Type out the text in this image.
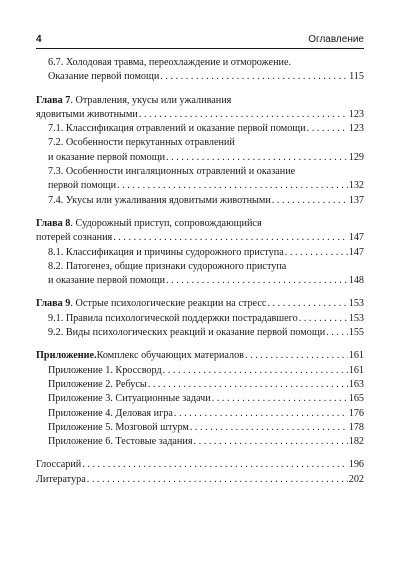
4	Оглавление
6.7. Холодовая травма, переохлаждение и отморожение.
Оказание первой помощи . . .	115
Глава 7 . Отравления, укусы или ужаливания
ядовитыми животными . . .	123
7.1. Классификация отравлений и оказание первой помощи . . .	123
7.2. Особенности перкутанных отравлений
и оказание первой помощи . . .	129
7.3. Особенности ингаляционных отравлений и оказание
первой помощи . . .	132
7.4. Укусы или ужаливания ядовитыми животными . . .	137
Глава 8 . Судорожный приступ, сопровождающийся
потерей сознания . . .	147
8.1. Классификация и причины судорожного приступа . . .	147
8.2. Патогенез, общие признаки судорожного приступа
и оказание первой помощи . . .	148
Глава 9 . Острые психологические реакции на стресс . . .	153
9.1. Правила психологической поддержки пострадавшего . . .	153
9.2. Виды психологических реакций и оказание первой помощи . . . 155
Приложение. Комплекс обучающих материалов . . .	161
Приложение 1. Кроссворд . . .	161
Приложение 2. Ребусы . . .	163
Приложение 3. Ситуационные задачи . . .	165
Приложение 4. Деловая игра . . .	176
Приложение 5. Мозговой штурм . . .	178
Приложение 6. Тестовые задания . . .	182
Глоссарий . . .	196
Литература . . .	202
